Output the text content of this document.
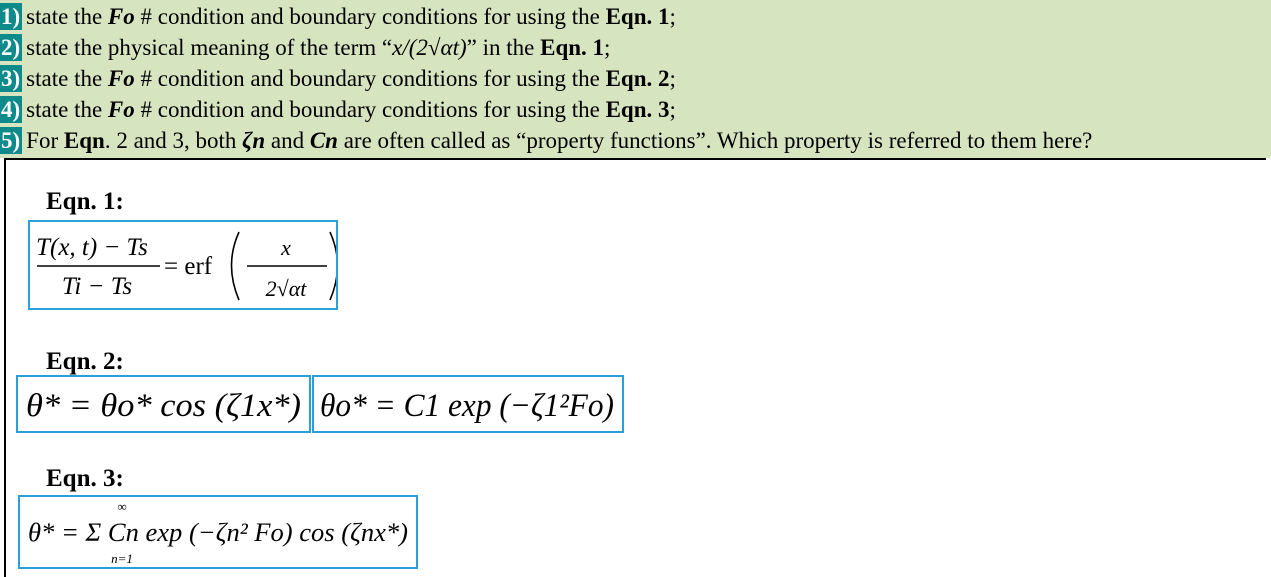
1) state the Fo # condition and boundary conditions for using the Eqn. 1;
2) state the physical meaning of the term “x/(2√αt)” in the Eqn. 1;
3) state the Fo # condition and boundary conditions for using the Eqn. 2;
4) state the Fo # condition and boundary conditions for using the Eqn. 3;
5) For Eqn. 2 and 3, both ζn and Cn are often called as “property functions”. Which property is referred to them here?
Eqn. 1:
T(x, t) − Ts
Ti − Ts
= erf
x
2√αt
Eqn. 2:
θ* = θo* cos (ζ1x*) θo* = C1 exp (−ζ1²Fo)
Eqn. 3:
∞
θ* = Σ Cn exp (−ζn² Fo) cos (ζnx*)
n=1
